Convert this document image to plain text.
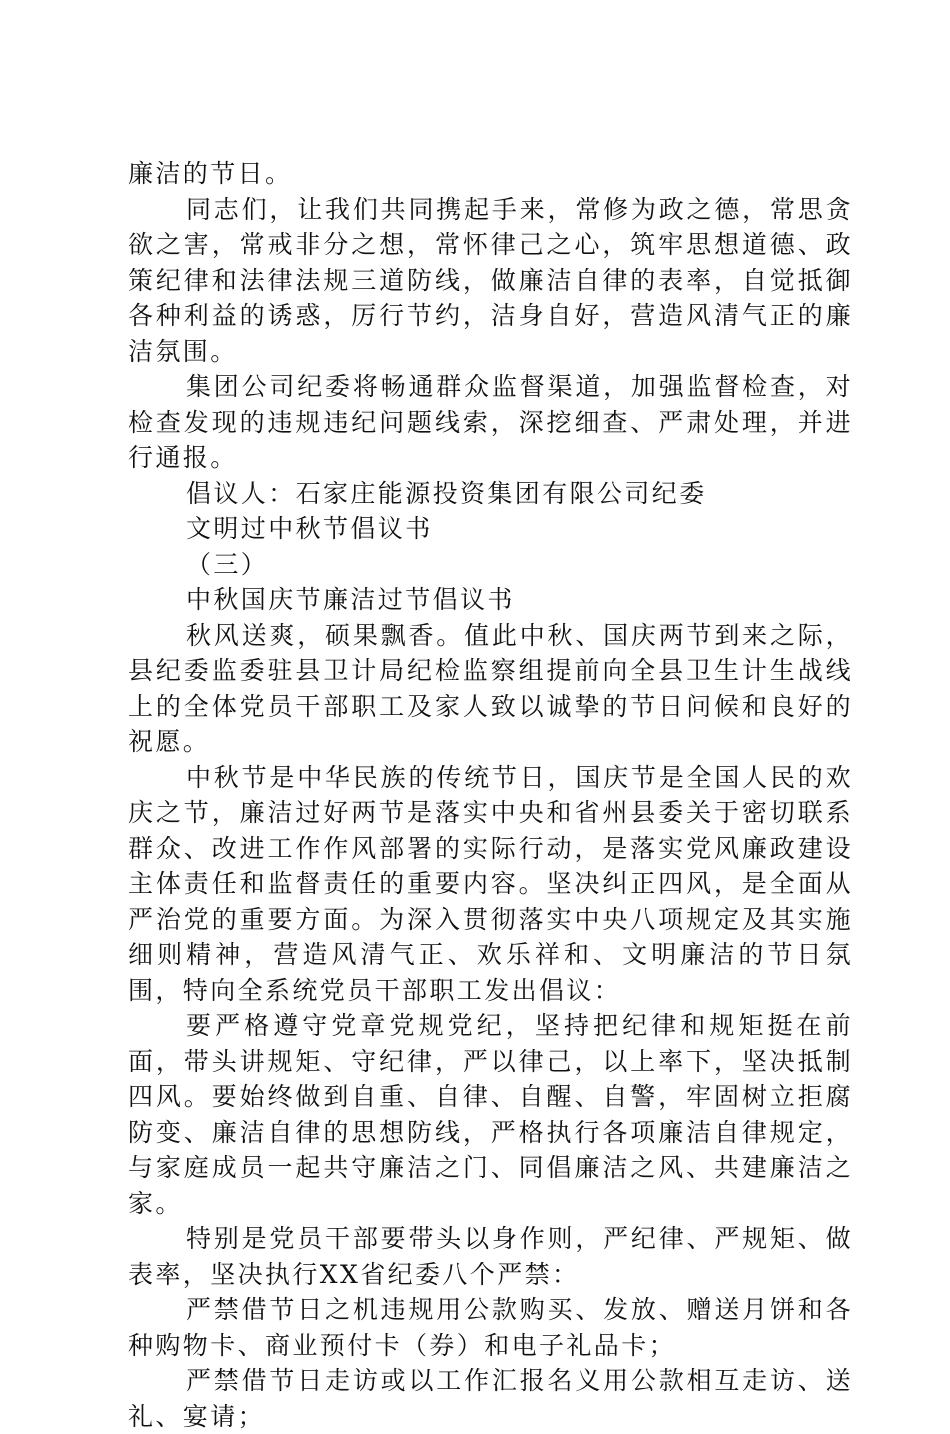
廉洁的节日。

同志们，让我们共同携起手来，常修为政之德，常思贪欲之害，常戒非分之想，常怀律己之心，筑牢思想道德、政策纪律和法律法规三道防线，做廉洁自律的表率，自觉抵御各种利益的诱惑，厉行节约，洁身自好，营造风清气正的廉洁氛围。

集团公司纪委将畅通群众监督渠道，加强监督检查，对检查发现的违规违纪问题线索，深挖细查、严肃处理，并进行通报。

倡议人：石家庄能源投资集团有限公司纪委

文明过中秋节倡议书

（三）

中秋国庆节廉洁过节倡议书

秋风送爽，硕果飘香。值此中秋、国庆两节到来之际，县纪委监委驻县卫计局纪检监察组提前向全县卫生计生战线上的全体党员干部职工及家人致以诚挚的节日问候和良好的祝愿。

中秋节是中华民族的传统节日，国庆节是全国人民的欢庆之节，廉洁过好两节是落实中央和省州县委关于密切联系群众、改进工作作风部署的实际行动，是落实党风廉政建设主体责任和监督责任的重要内容。坚决纠正四风，是全面从严治党的重要方面。为深入贯彻落实中央八项规定及其实施细则精神，营造风清气正、欢乐祥和、文明廉洁的节日氛围，特向全系统党员干部职工发出倡议：

要严格遵守党章党规党纪，坚持把纪律和规矩挺在前面，带头讲规矩、守纪律，严以律己，以上率下，坚决抵制四风。要始终做到自重、自律、自醒、自警，牢固树立拒腐防变、廉洁自律的思想防线，严格执行各项廉洁自律规定，与家庭成员一起共守廉洁之门、同倡廉洁之风、共建廉洁之家。

特别是党员干部要带头以身作则，严纪律、严规矩、做表率，坚决执行XX省纪委八个严禁：

严禁借节日之机违规用公款购买、发放、赠送月饼和各种购物卡、商业预付卡（券）和电子礼品卡；

严禁借节日走访或以工作汇报名义用公款相互走访、送礼、宴请；
